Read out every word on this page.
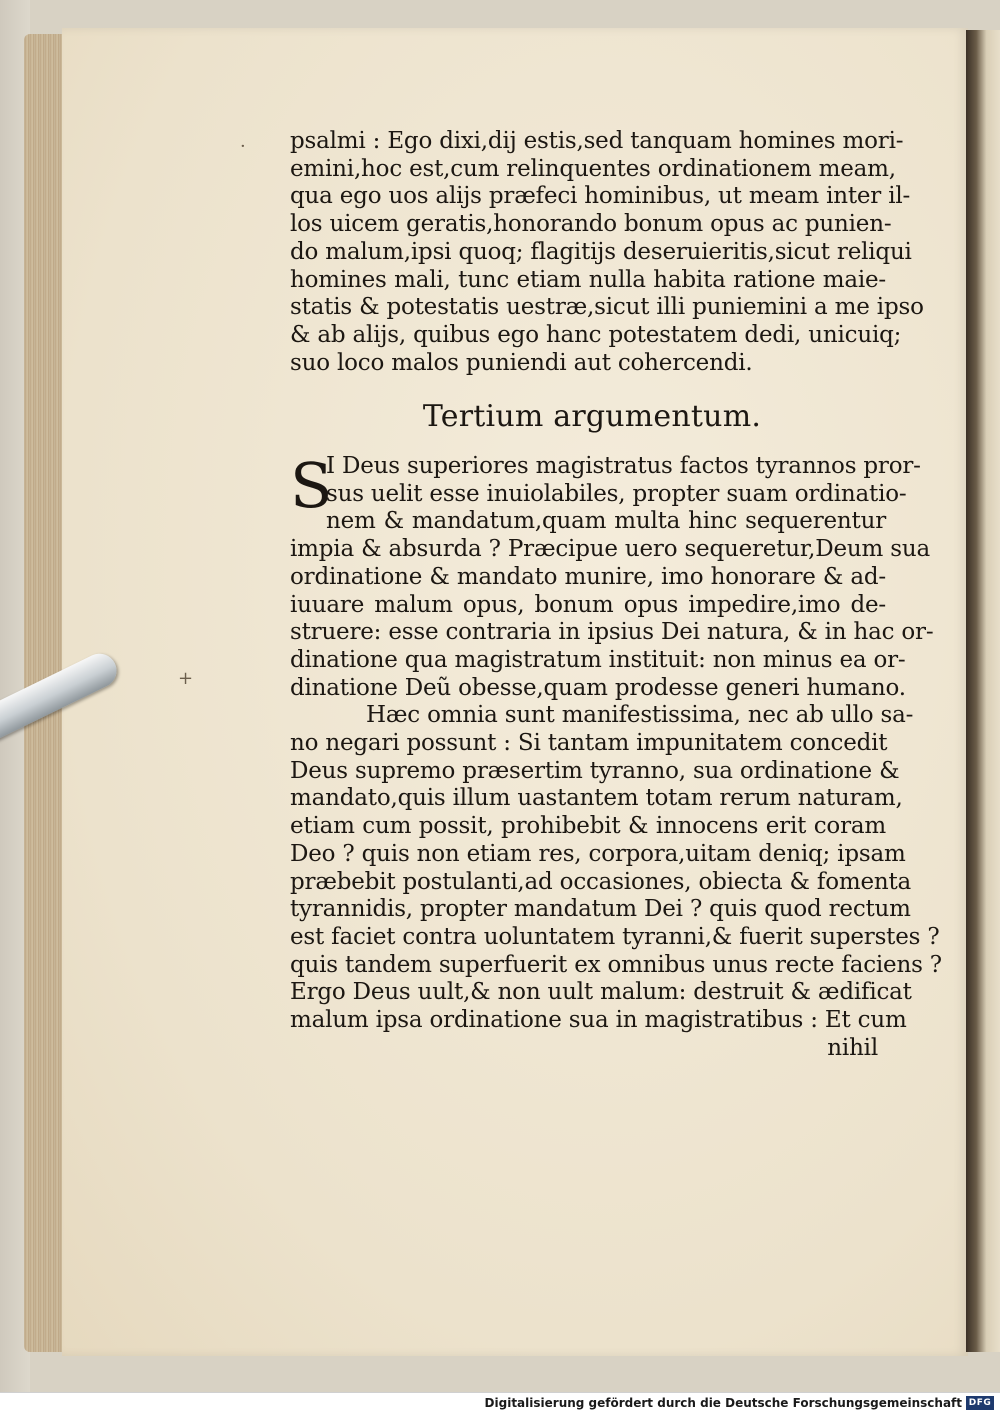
·
+
psalmi : Ego dixi,dij estis,sed tanquam homines mori-
emini,hoc est,cum relinquentes ordinationem meam,
qua ego uos alijs præfeci hominibus, ut meam inter il-
los uicem geratis,honorando bonum opus ac punien-
do malum,ipsi quoq; flagitijs deseruieritis,sicut reliqui
homines mali, tunc etiam nulla habita ratione maie-
statis & potestatis uestræ,sicut illi puniemini a me ipso
& ab alijs, quibus ego hanc potestatem dedi, unicuiq;
suo loco malos puniendi aut cohercendi.
Tertium argumentum.
S
I Deus superiores magistratus factos tyrannos pror-
sus uelit esse inuiolabiles, propter suam ordinatio-
nem & mandatum,quam multa hinc sequerentur
impia & absurda ? Præcipue uero sequeretur,Deum sua
ordinatione & mandato munire, imo honorare & ad-
iuuare malum opus, bonum opus impedire,imo de-
struere: esse contraria in ipsius Dei natura, & in hac or-
dinatione qua magistratum instituit: non minus ea or-
dinatione Deũ obesse,quam prodesse generi humano.
Hæc omnia sunt manifestissima, nec ab ullo sa-
no negari possunt : Si tantam impunitatem concedit
Deus supremo præsertim tyranno, sua ordinatione &
mandato,quis illum uastantem totam rerum naturam,
etiam cum possit, prohibebit & innocens erit coram
Deo ? quis non etiam res, corpora,uitam deniq; ipsam
præbebit postulanti,ad occasiones, obiecta & fomenta
tyrannidis, propter mandatum Dei ? quis quod rectum
est faciet contra uoluntatem tyranni,& fuerit superstes ?
quis tandem superfuerit ex omnibus unus recte faciens ?
Ergo Deus uult,& non uult malum: destruit & ædificat
malum ipsa ordinatione sua in magistratibus : Et cum
nihil
Digitalisierung gefördert durch die Deutsche Forschungsgemeinschaft DFG
